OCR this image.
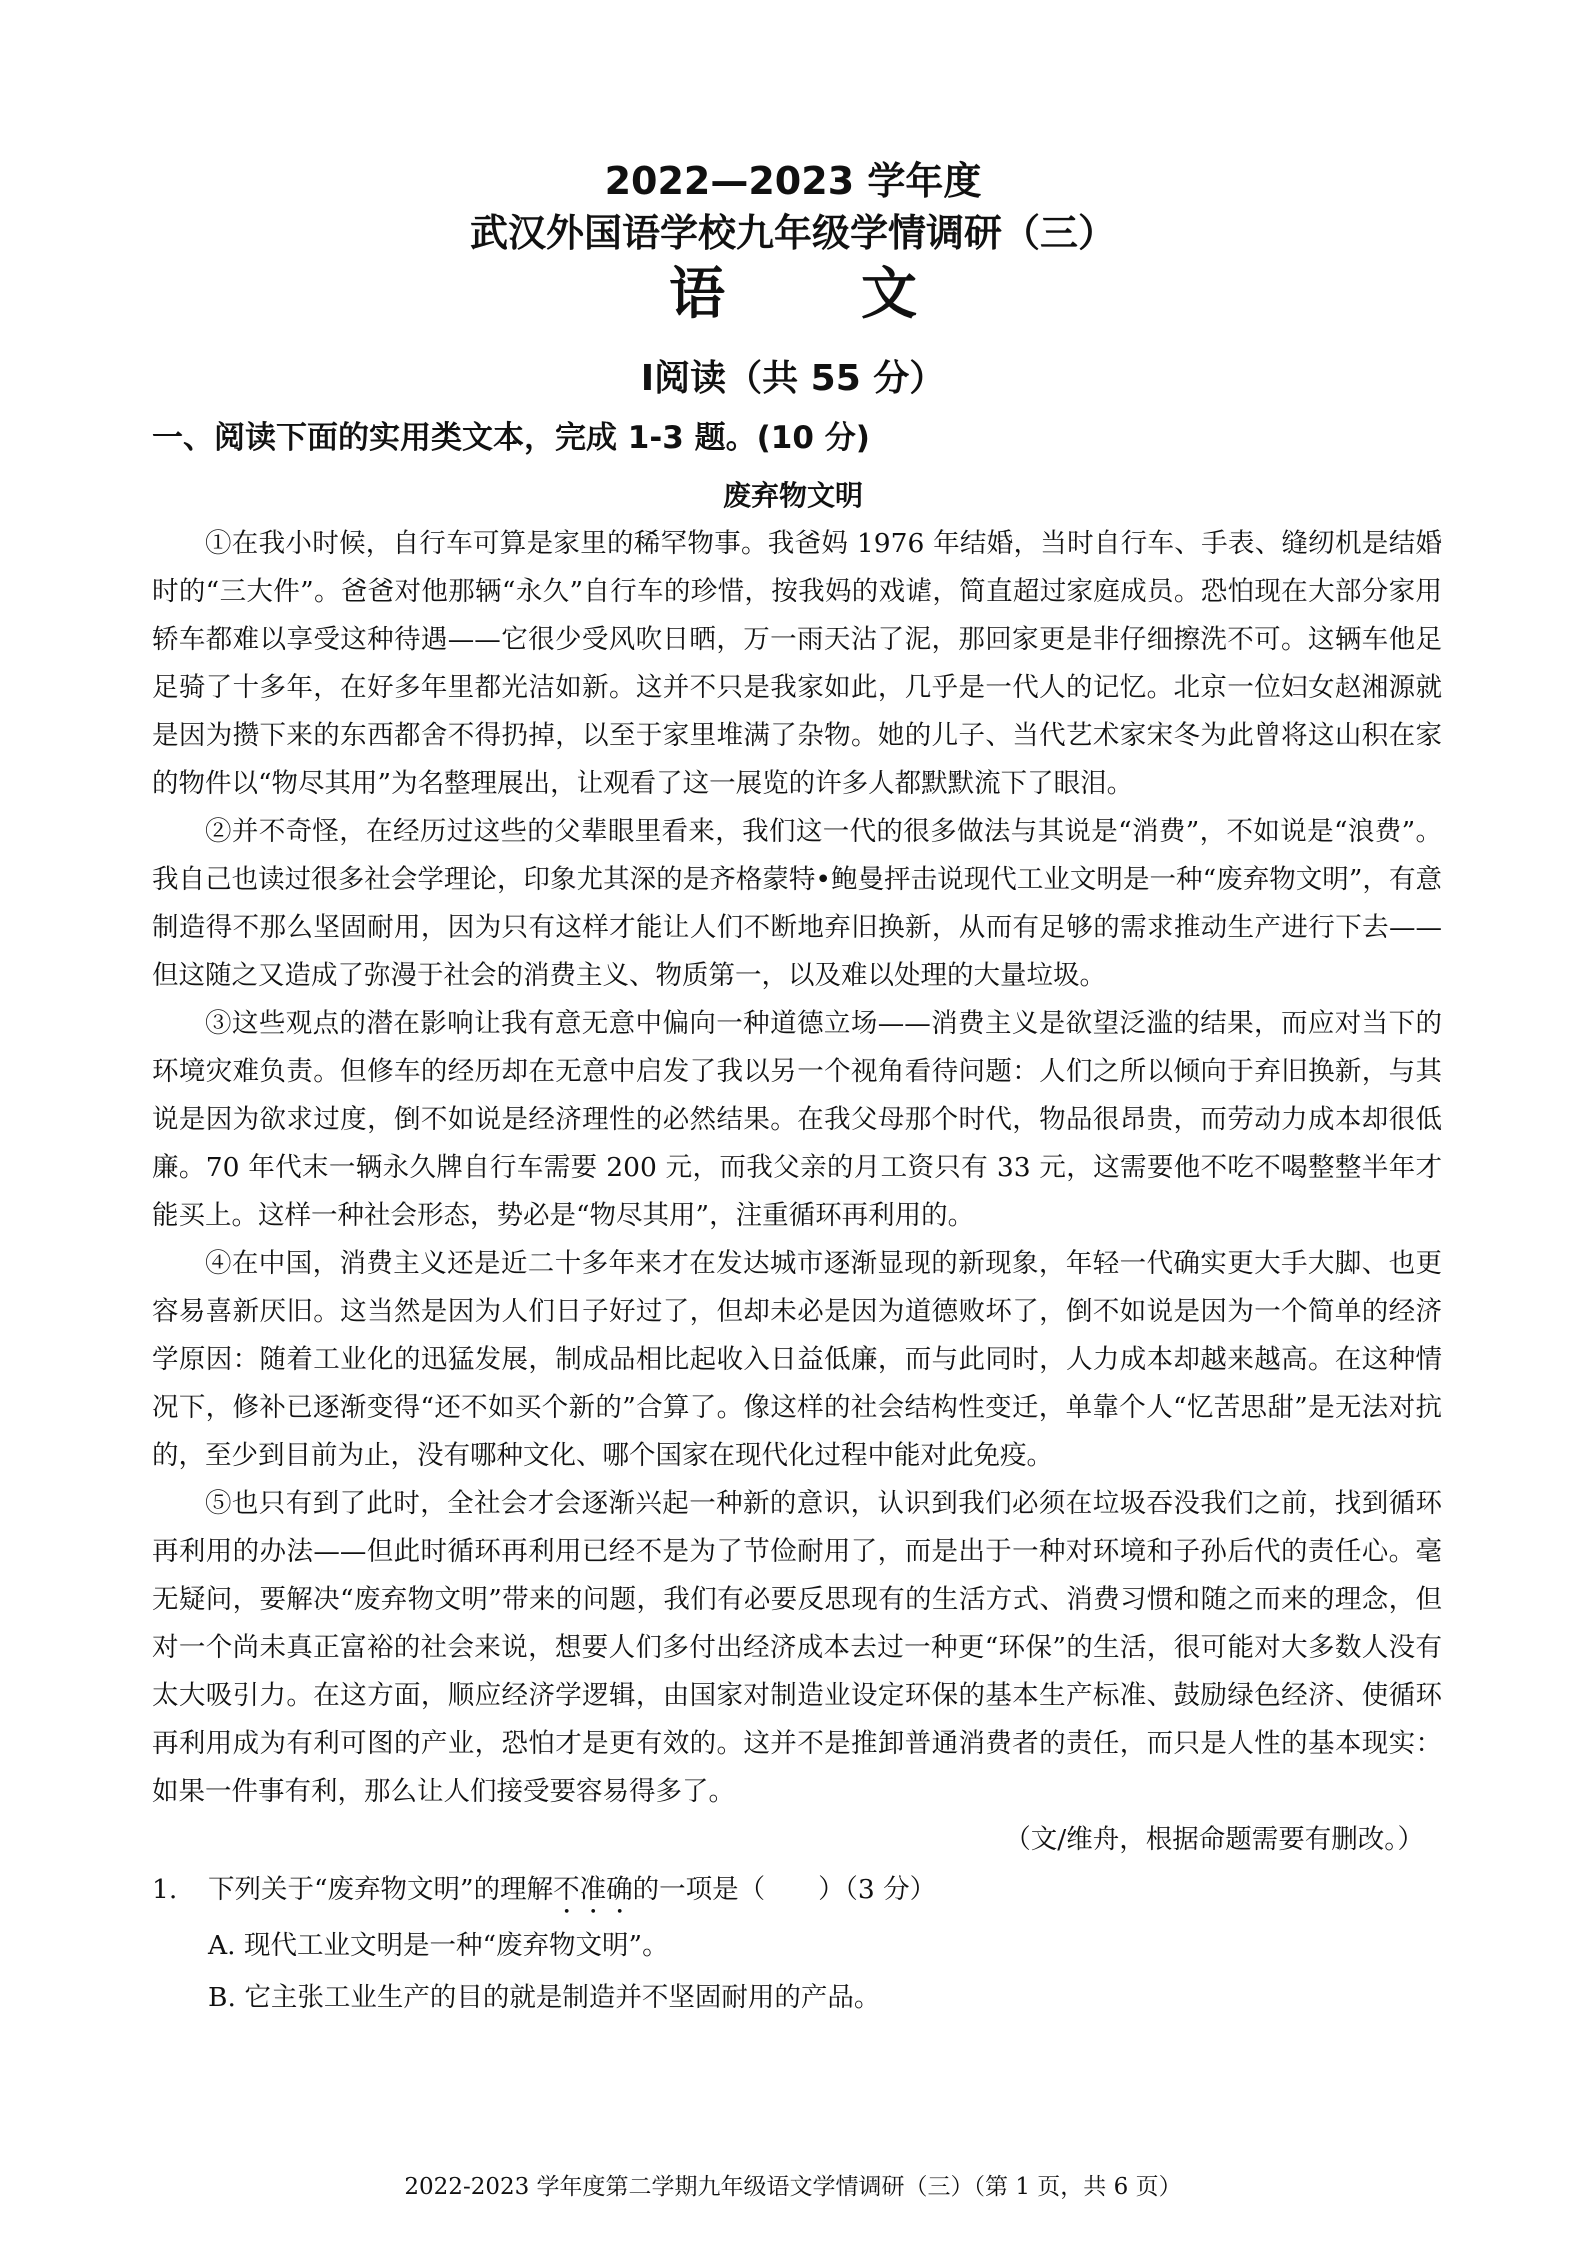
2022—2023 学年度
武汉外国语学校九年级学情调研（三）
语　文
Ⅰ阅读（共 55 分）
一、阅读下面的实用类文本，完成 1-3 题。(10 分)
废弃物文明

①在我小时候，自行车可算是家里的稀罕物事。我爸妈 1976 年结婚，当时自行车、手表、缝纫机是结婚时的“三大件”。爸爸对他那辆“永久”自行车的珍惜，按我妈的戏谑，简直超过家庭成员。恐怕现在大部分家用轿车都难以享受这种待遇——它很少受风吹日晒，万一雨天沾了泥，那回家更是非仔细擦洗不可。这辆车他足足骑了十多年，在好多年里都光洁如新。这并不只是我家如此，几乎是一代人的记忆。北京一位妇女赵湘源就是因为攒下来的东西都舍不得扔掉，以至于家里堆满了杂物。她的儿子、当代艺术家宋冬为此曾将这山积在家的物件以“物尽其用”为名整理展出，让观看了这一展览的许多人都默默流下了眼泪。

②并不奇怪，在经历过这些的父辈眼里看来，我们这一代的很多做法与其说是“消费”，不如说是“浪费”。我自己也读过很多社会学理论，印象尤其深的是齐格蒙特•鲍曼抨击说现代工业文明是一种“废弃物文明”，有意制造得不那么坚固耐用，因为只有这样才能让人们不断地弃旧换新，从而有足够的需求推动生产进行下去——但这随之又造成了弥漫于社会的消费主义、物质第一，以及难以处理的大量垃圾。

③这些观点的潜在影响让我有意无意中偏向一种道德立场——消费主义是欲望泛滥的结果，而应对当下的环境灾难负责。但修车的经历却在无意中启发了我以另一个视角看待问题：人们之所以倾向于弃旧换新，与其说是因为欲求过度，倒不如说是经济理性的必然结果。在我父母那个时代，物品很昂贵，而劳动力成本却很低廉。70 年代末一辆永久牌自行车需要 200 元，而我父亲的月工资只有 33 元，这需要他不吃不喝整整半年才能买上。这样一种社会形态，势必是“物尽其用”，注重循环再利用的。

④在中国，消费主义还是近二十多年来才在发达城市逐渐显现的新现象，年轻一代确实更大手大脚、也更容易喜新厌旧。这当然是因为人们日子好过了，但却未必是因为道德败坏了，倒不如说是因为一个简单的经济学原因：随着工业化的迅猛发展，制成品相比起收入日益低廉，而与此同时，人力成本却越来越高。在这种情况下，修补已逐渐变得“还不如买个新的”合算了。像这样的社会结构性变迁，单靠个人“忆苦思甜”是无法对抗的，至少到目前为止，没有哪种文化、哪个国家在现代化过程中能对此免疫。

⑤也只有到了此时，全社会才会逐渐兴起一种新的意识，认识到我们必须在垃圾吞没我们之前，找到循环再利用的办法——但此时循环再利用已经不是为了节俭耐用了，而是出于一种对环境和子孙后代的责任心。毫无疑问，要解决“废弃物文明”带来的问题，我们有必要反思现有的生活方式、消费习惯和随之而来的理念，但对一个尚未真正富裕的社会来说，想要人们多付出经济成本去过一种更“环保”的生活，很可能对大多数人没有太大吸引力。在这方面，顺应经济学逻辑，由国家对制造业设定环保的基本生产标准、鼓励绿色经济、使循环再利用成为有利可图的产业，恐怕才是更有效的。这并不是推卸普通消费者的责任，而只是人性的基本现实：如果一件事有利，那么让人们接受要容易得多了。

（文/维舟，根据命题需要有删改。）

1. 下列关于“废弃物文明”的理解不准确的一项是（　　）（3 分）

A. 现代工业文明是一种“废弃物文明”。

B. 它主张工业生产的目的就是制造并不坚固耐用的产品。

2022-2023 学年度第二学期九年级语文学情调研（三）（第 1 页，共 6 页）
